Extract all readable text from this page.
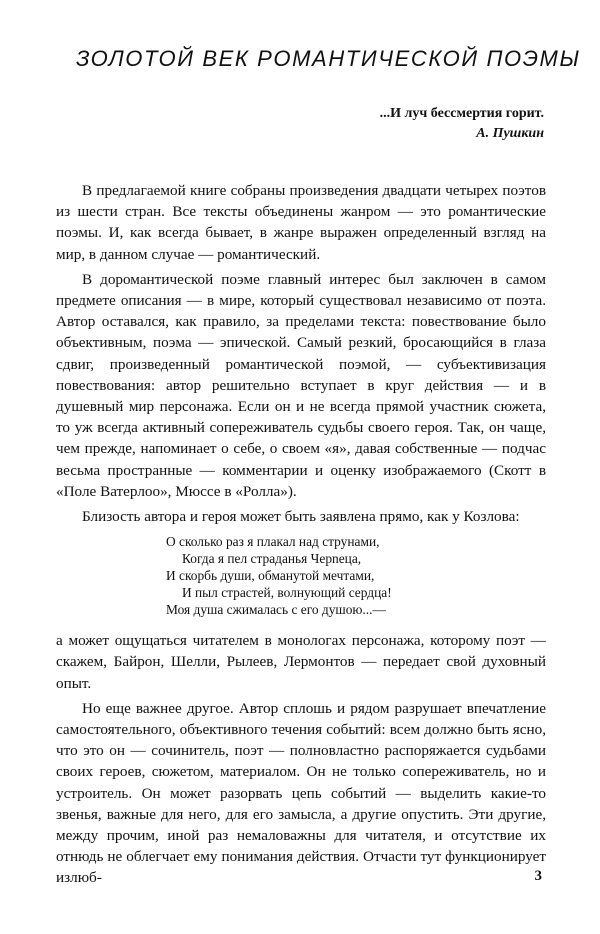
ЗОЛОТОЙ ВЕК РОМАНТИЧЕСКОЙ ПОЭМЫ
...И луч бессмертия горит.
А. Пушкин

В предлагаемой книге собраны произведения двадцати четырех поэтов из шести стран. Все тексты объединены жанром — это романтические поэмы. И, как всегда бывает, в жанре выражен определенный взгляд на мир, в данном случае — романтический.

В доромантической поэме главный интерес был заключен в самом предмете описания — в мире, который существовал независимо от поэта. Автор оставался, как правило, за пределами текста: повествование было объективным, поэма — эпической. Самый резкий, бросающийся в глаза сдвиг, произведенный романтической поэмой, — субъективизация повествования: автор решительно вступает в круг действия — и в душевный мир персонажа. Если он и не всегда прямой участник сюжета, то уж всегда активный сопереживатель судьбы своего героя. Так, он чаще, чем прежде, напоминает о себе, о своем «я», давая собственные — подчас весьма пространные — комментарии и оценку изображаемого (Скотт в «Поле Ватерлоо», Мюссе в «Ролла»).

Близость автора и героя может быть заявлена прямо, как у Козлова:

О сколько раз я плакал над струнами,
Когда я пел страданья Черneца,
И скорбь души, обманутой мечтами,
И пыл страстей, волнующий сердца!
Моя душа сжималась с его душою...—

а может ощущаться читателем в монологах персонажа, которому поэт — скажем, Байрон, Шелли, Рылеев, Лермонтов — передает свой духовный опыт.

Но еще важнее другое. Автор сплошь и рядом разрушает впечатление самостоятельного, объективного течения событий: всем должно быть ясно, что это он — сочинитель, поэт — полновластно распоряжается судьбами своих героев, сюжетом, материалом. Он не только сопереживатель, но и устроитель. Он может разорвать цепь событий — выделить какие-то звенья, важные для него, для его замысла, а другие опустить. Эти другие, между прочим, иной раз немаловажны для читателя, и отсутствие их отнюдь не облегчает ему понимания действия. Отчасти тут функционирует излюб-	3
